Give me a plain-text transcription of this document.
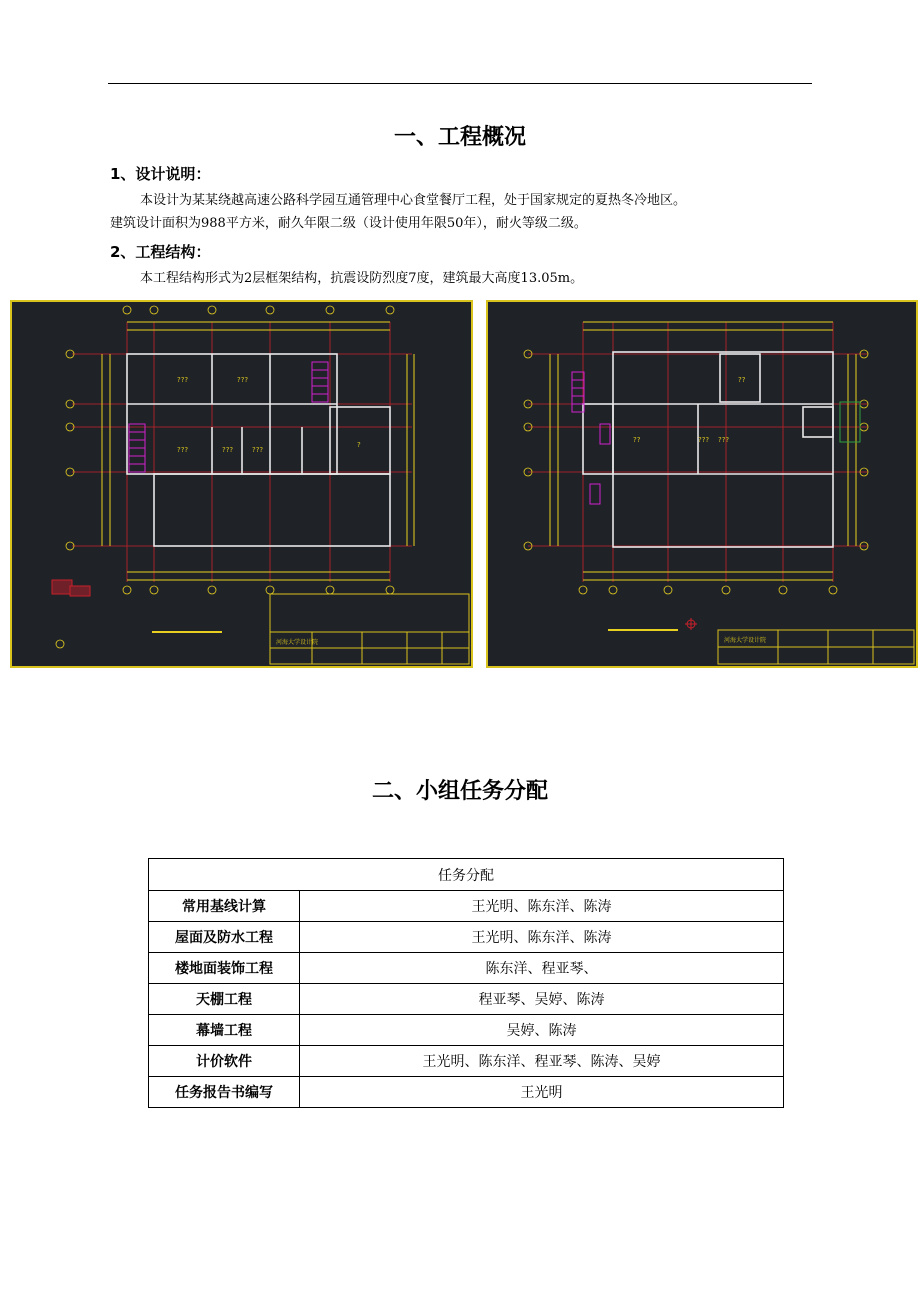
一、工程概况
1、设计说明：
本设计为某某绕越高速公路科学园互通管理中心食堂餐厅工程，处于国家规定的夏热冬冷地区。
建筑设计面积为988平方米，耐久年限二级（设计使用年限50年），耐火等级二级。
2、工程结构：
本工程结构形式为2层框架结构，抗震设防烈度7度，建筑最大高度13.05m。
???	???
???	???	???
?
河海大学设计院
??	??? ???
??
河海大学设计院
二、小组任务分配
任务分配	
常用基线计算	王光明、陈东洋、陈涛
屋面及防水工程	王光明、陈东洋、陈涛
楼地面装饰工程	陈东洋、程亚琴、
天棚工程	程亚琴、吴婷、陈涛
幕墙工程	吴婷、陈涛
计价软件	王光明、陈东洋、程亚琴、陈涛、吴婷
任务报告书编写	王光明
